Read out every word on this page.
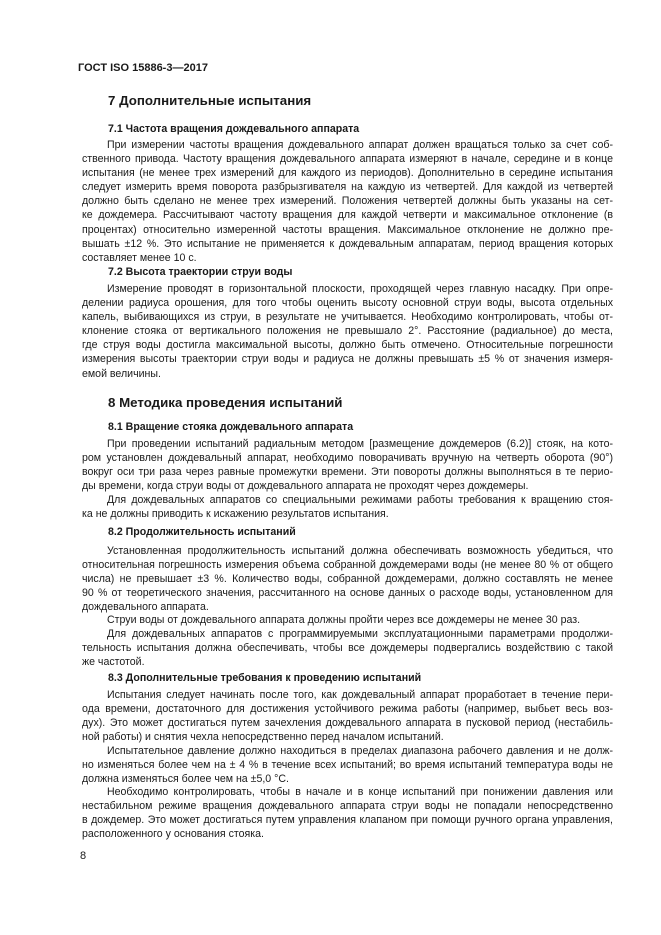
ГОСТ ISO 15886-3—2017
7 Дополнительные испытания
7.1 Частота вращения дождевального аппарата
При измерении частоты вращения дождевального аппарат должен вращаться только за счет соб-
ственного привода. Частоту вращения дождевального аппарата измеряют в начале, середине и в конце
испытания (не менее трех измерений для каждого из периодов). Дополнительно в середине испытания
следует измерить время поворота разбрызгивателя на каждую из четвертей. Для каждой из четвертей
должно быть сделано не менее трех измерений. Положения четвертей должны быть указаны на сет-
ке дождемера. Рассчитывают частоту вращения для каждой четверти и максимальное отклонение (в
процентах) относительно измеренной частоты вращения. Максимальное отклонение не должно пре-
вышать ±12 %. Это испытание не применяется к дождевальным аппаратам, период вращения которых
составляет менее 10 с.
7.2 Высота траектории струи воды
Измерение проводят в горизонтальной плоскости, проходящей через главную насадку. При опре-
делении радиуса орошения, для того чтобы оценить высоту основной струи воды, высота отдельных
капель, выбивающихся из струи, в результате не учитывается. Необходимо контролировать, чтобы от-
клонение стояка от вертикального положения не превышало 2°. Расстояние (радиальное) до места,
где струя воды достигла максимальной высоты, должно быть отмечено. Относительные погрешности
измерения высоты траектории струи воды и радиуса не должны превышать ±5 % от значения измеря-
емой величины.
8 Методика проведения испытаний
8.1 Вращение стояка дождевального аппарата
При проведении испытаний радиальным методом [размещение дождемеров (6.2)] стояк, на кото-
ром установлен дождевальный аппарат, необходимо поворачивать вручную на четверть оборота (90°)
вокруг оси три раза через равные промежутки времени. Эти повороты должны выполняться в те перио-
ды времени, когда струи воды от дождевального аппарата не проходят через дождемеры.
Для дождевальных аппаратов со специальными режимами работы требования к вращению стоя-
ка не должны приводить к искажению результатов испытания.
8.2 Продолжительность испытаний
Установленная продолжительность испытаний должна обеспечивать возможность убедиться, что
относительная погрешность измерения объема собранной дождемерами воды (не менее 80 % от общего
числа) не превышает ±3 %. Количество воды, собранной дождемерами, должно составлять не менее
90 % от теоретического значения, рассчитанного на основе данных о расходе воды, установленном для
дождевального аппарата.
Струи воды от дождевального аппарата должны пройти через все дождемеры не менее 30 раз.
Для дождевальных аппаратов с программируемыми эксплуатационными параметрами продолжи-
тельность испытания должна обеспечивать, чтобы все дождемеры подвергались воздействию с такой
же частотой.
8.3 Дополнительные требования к проведению испытаний
Испытания следует начинать после того, как дождевальный аппарат проработает в течение пери-
ода времени, достаточного для достижения устойчивого режима работы (например, выбьет весь воз-
дух). Это может достигаться путем зачехления дождевального аппарата в пусковой период (нестабиль-
ной работы) и снятия чехла непосредственно перед началом испытаний.
Испытательное давление должно находиться в пределах диапазона рабочего давления и не долж-
но изменяться более чем на ± 4 % в течение всех испытаний; во время испытаний температура воды не
должна изменяться более чем на ±5,0 °С.
Необходимо контролировать, чтобы в начале и в конце испытаний при понижении давления или
нестабильном режиме вращения дождевального аппарата струи воды не попадали непосредственно
в дождемер. Это может достигаться путем управления клапаном при помощи ручного органа управления,
расположенного у основания стояка.
8
